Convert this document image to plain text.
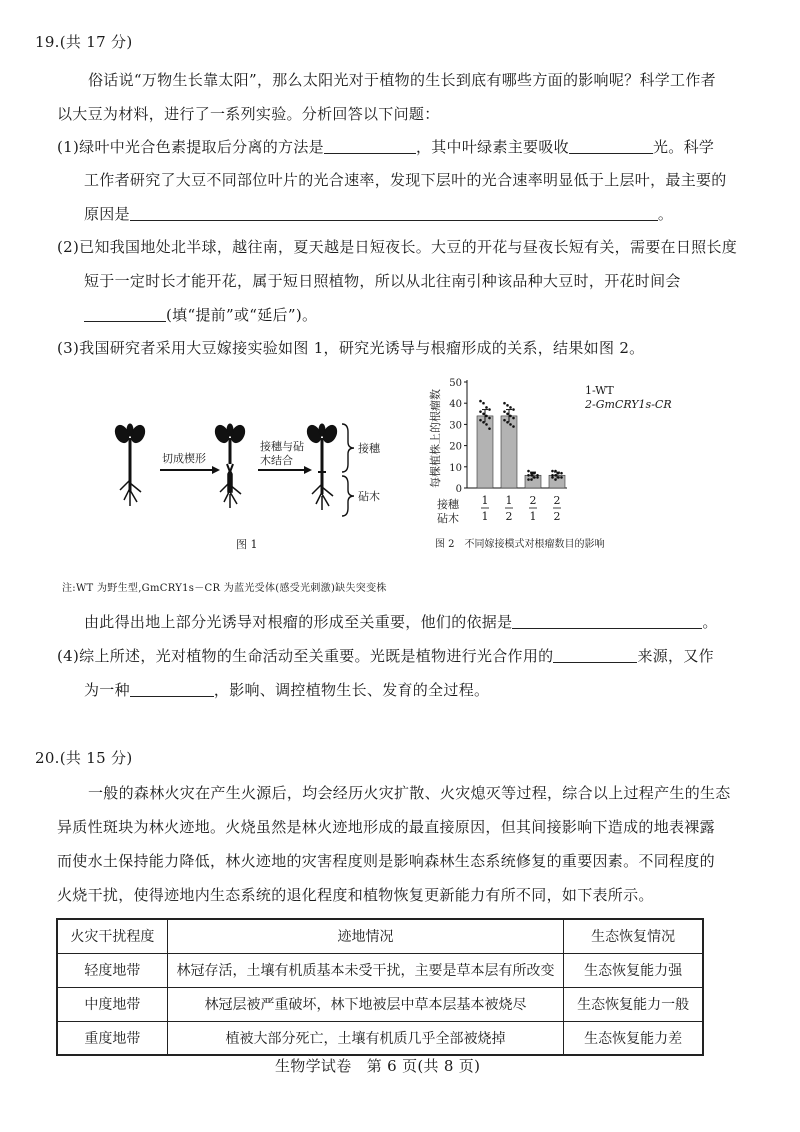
19.(共 17 分)
俗话说“万物生长靠太阳”，那么太阳光对于植物的生长到底有哪些方面的影响呢？科学工作者
以大豆为材料，进行了一系列实验。分析回答以下问题：
(1)绿叶中光合色素提取后分离的方法是	，其中叶绿素主要吸收	光。科学
工作者研究了大豆不同部位叶片的光合速率，发现下层叶的光合速率明显低于上层叶，最主要的
原因是	。
(2)已知我国地处北半球，越往南，夏天越是日短夜长。大豆的开花与昼夜长短有关，需要在日照长度
短于一定时长才能开花，属于短日照植物，所以从北往南引种该品种大豆时，开花时间会
(填“提前”或“延后”)。
(3)我国研究者采用大豆嫁接实验如图 1，研究光诱导与根瘤形成的关系，结果如图 2。
切成楔形
接穗与砧
木结合
接穗
砧木
图 1
每棵植株上的根瘤数
0
10
20
30
40
50
1
1
1
2
2
1
2
2
接穗
砧木
1-WT
2-GmCRY1s-CR
图 2　不同嫁接模式对根瘤数目的影响
注:WT 为野生型,GmCRY1s－CR 为蓝光受体(感受光刺激)缺失突变株
由此得出地上部分光诱导对根瘤的形成至关重要，他们的依据是	。
(4)综上所述，光对植物的生命活动至关重要。光既是植物进行光合作用的	来源，又作
为一种	，影响、调控植物生长、发育的全过程。
20.(共 15 分)
一般的森林火灾在产生火源后，均会经历火灾扩散、火灾熄灭等过程，综合以上过程产生的生态
异质性斑块为林火迹地。火烧虽然是林火迹地形成的最直接原因，但其间接影响下造成的地表裸露
而使水土保持能力降低，林火迹地的灾害程度则是影响森林生态系统修复的重要因素。不同程度的
火烧干扰，使得迹地内生态系统的退化程度和植物恢复更新能力有所不同，如下表所示。
火灾干扰程度	迹地情况	生态恢复情况
轻度地带	林冠存活，土壤有机质基本未受干扰，主要是草本层有所改变	生态恢复能力强
中度地带	林冠层被严重破坏，林下地被层中草本层基本被烧尽	生态恢复能力一般
重度地带	植被大部分死亡，土壤有机质几乎全部被烧掉	生态恢复能力差
生物学试卷　第 6 页(共 8 页)
